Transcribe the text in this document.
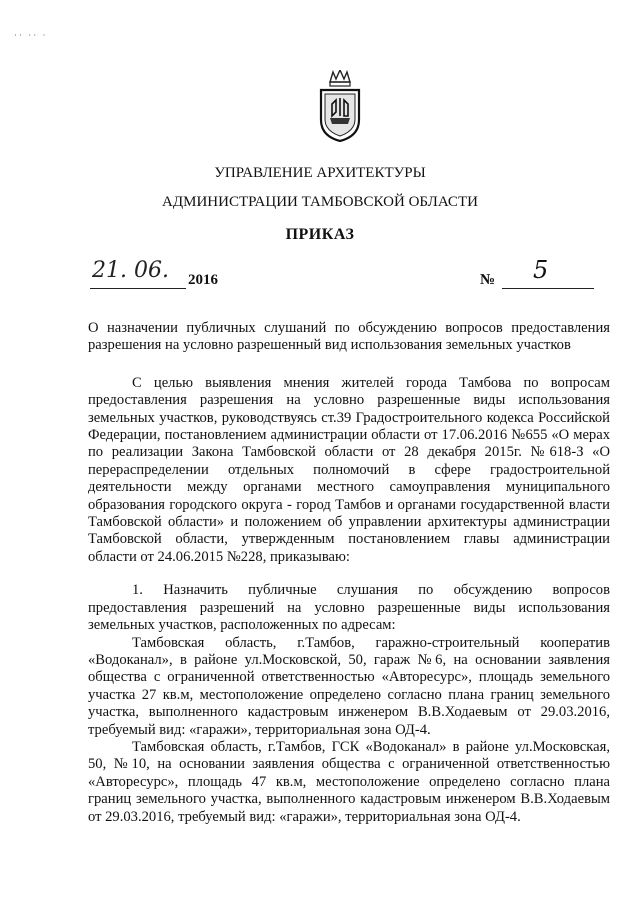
·· ·· ·
УПРАВЛЕНИЕ АРХИТЕКТУРЫ
АДМИНИСТРАЦИИ ТАМБОВСКОЙ ОБЛАСТИ
ПРИКАЗ
21. 06. 2016	№ 5

О назначении публичных слушаний по обсуждению вопросов предоставления разрешения на условно разрешенный вид использования земельных участков

С целью выявления мнения жителей города Тамбова по вопросам предоставления разрешения на условно разрешенные виды использования земельных участков, руководствуясь ст.39 Градостроительного кодекса Российской Федерации, постановлением администрации области от 17.06.2016 №655 «О мерах по реализации Закона Тамбовской области от 28 декабря 2015г. №618-З «О перераспределении отдельных полномочий в сфере градостроительной деятельности между органами местного самоуправления муниципального образования городского округа - город Тамбов и органами государственной власти Тамбовской области» и положением об управлении архитектуры администрации Тамбовской области, утвержденным постановлением главы администрации области от 24.06.2015 №228, приказываю:

1. Назначить публичные слушания по обсуждению вопросов предоставления разрешений на условно разрешенные виды использования земельных участков, расположенных по адресам:

Тамбовская область, г.Тамбов, гаражно-строительный кооператив «Водоканал», в районе ул.Московской, 50, гараж №6, на основании заявления общества с ограниченной ответственностью «Авторесурс», площадь земельного участка 27 кв.м, местоположение определено согласно плана границ земельного участка, выполненного кадастровым инженером В.В.Ходаевым от 29.03.2016, требуемый вид: «гаражи», территориальная зона ОД-4.

Тамбовская область, г.Тамбов, ГСК «Водоканал» в районе ул.Московская, 50, №10, на основании заявления общества с ограниченной ответственностью «Авторесурс», площадь 47 кв.м, местоположение определено согласно плана границ земельного участка, выполненного кадастровым инженером В.В.Ходаевым от 29.03.2016, требуемый вид: «гаражи», территориальная зона ОД-4.
